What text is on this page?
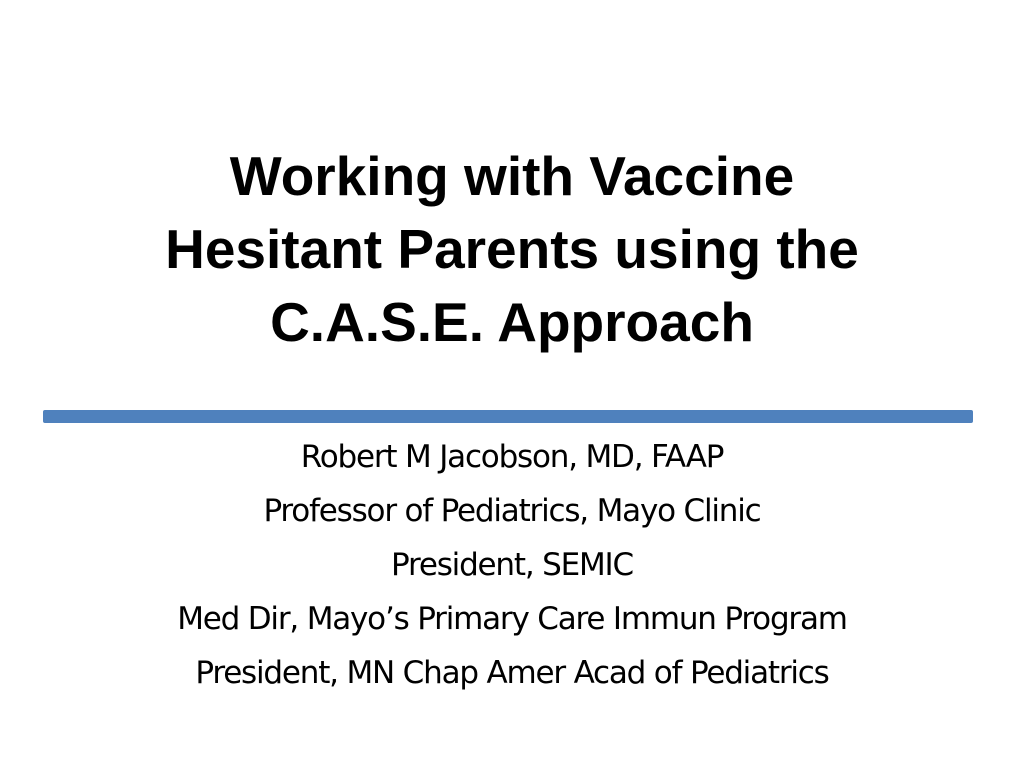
Working with Vaccine
Hesitant Parents using the
C.A.S.E. Approach
Robert M Jacobson, MD, FAAP
Professor of Pediatrics, Mayo Clinic
President, SEMIC
Med Dir, Mayo’s Primary Care Immun Program
President, MN Chap Amer Acad of Pediatrics
